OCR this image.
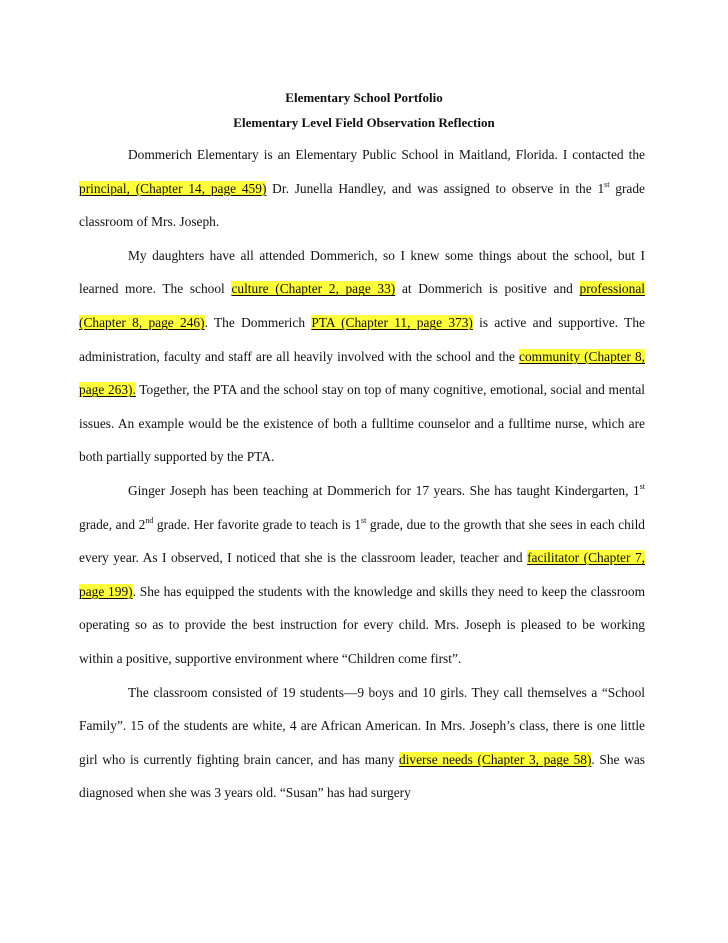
Elementary School Portfolio
Elementary Level Field Observation Reflection

Dommerich Elementary is an Elementary Public School in Maitland, Florida. I contacted the principal, (Chapter 14, page 459) Dr. Junella Handley, and was assigned to observe in the 1st grade classroom of Mrs. Joseph.

My daughters have all attended Dommerich, so I knew some things about the school, but I learned more. The school culture (Chapter 2, page 33) at Dommerich is positive and professional (Chapter 8, page 246). The Dommerich PTA (Chapter 11, page 373) is active and supportive. The administration, faculty and staff are all heavily involved with the school and the community (Chapter 8, page 263). Together, the PTA and the school stay on top of many cognitive, emotional, social and mental issues. An example would be the existence of both a fulltime counselor and a fulltime nurse, which are both partially supported by the PTA.

Ginger Joseph has been teaching at Dommerich for 17 years. She has taught Kindergarten, 1st grade, and 2nd grade. Her favorite grade to teach is 1st grade, due to the growth that she sees in each child every year. As I observed, I noticed that she is the classroom leader, teacher and facilitator (Chapter 7, page 199). She has equipped the students with the knowledge and skills they need to keep the classroom operating so as to provide the best instruction for every child. Mrs. Joseph is pleased to be working within a positive, supportive environment where “Children come first”.

The classroom consisted of 19 students—9 boys and 10 girls. They call themselves a “School Family”. 15 of the students are white, 4 are African American. In Mrs. Joseph’s class, there is one little girl who is currently fighting brain cancer, and has many diverse needs (Chapter 3, page 58). She was diagnosed when she was 3 years old. “Susan” has had surgery
